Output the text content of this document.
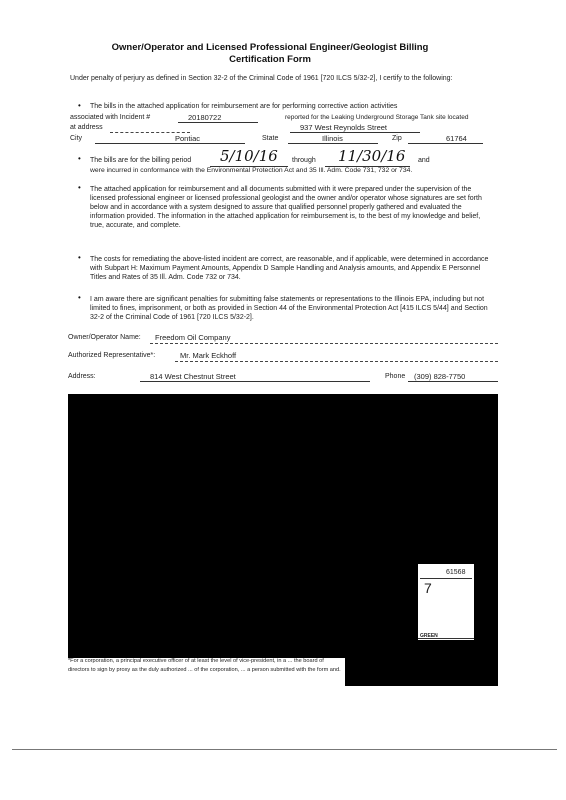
Owner/Operator and Licensed Professional Engineer/Geologist Billing
Certification Form
Under penalty of perjury as defined in Section 32-2 of the Criminal Code of 1961 [720 ILCS 5/32-2], I certify to the following:
• The bills in the attached application for reimbursement are for performing corrective action activities
associated with Incident #	20180722	reported for the Leaking Underground Storage Tank site located
at address	937 West Reynolds Street
City	Pontiac	State	Illinois	Zip	61764
• The bills are for the billing period 5/10/16 through 11/30/16 and
were incurred in conformance with the Environmental Protection Act and 35 Ill. Adm. Code 731, 732 or 734.
• The attached application for reimbursement and all documents submitted with it were prepared under the supervision of the licensed professional engineer or licensed professional geologist and the owner and/or operator whose signatures are set forth below and in accordance with a system designed to assure that qualified personnel properly gathered and evaluated the information provided. The information in the attached application for reimbursement is, to the best of my knowledge and belief, true, accurate, and complete.
• The costs for remediating the above-listed incident are correct, are reasonable, and if applicable, were determined in accordance with Subpart H: Maximum Payment Amounts, Appendix D Sample Handling and Analysis amounts, and Appendix E Personnel Titles and Rates of 35 Ill. Adm. Code 732 or 734.
• I am aware there are significant penalties for submitting false statements or representations to the Illinois EPA, including but not limited to fines, imprisonment, or both as provided in Section 44 of the Environmental Protection Act [415 ILCS 5/44] and Section 32-2 of the Criminal Code of 1961 [720 ILCS 5/32-2].
Owner/Operator Name: Freedom Oil Company
Authorized Representative*:	Mr. Mark Eckhoff
Address:	814 West Chestnut Street	Phone (309) 828-7750
61568
7
GREEN
*For a corporation, a principal executive officer of at least the level of vice-president, in a ... the board of directors to sign by proxy as the duly authorized ... of the corporation, ... a person submitted with the form and.
